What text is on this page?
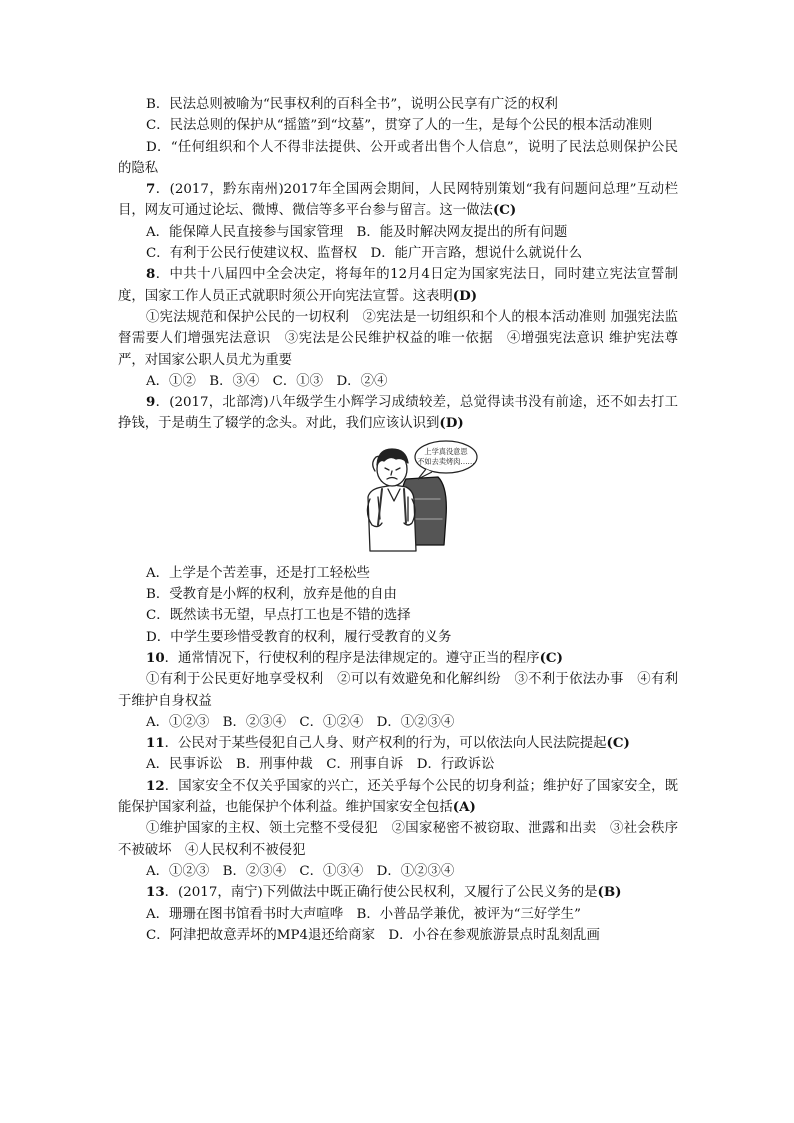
B．民法总则被喻为“民事权利的百科全书”，说明公民享有广泛的权利

C．民法总则的保护从“摇篮”到“坟墓”，贯穿了人的一生，是每个公民的根本活动准则

D．“任何组织和个人不得非法提供、公开或者出售个人信息”，说明了民法总则保护公民的隐私

7．(2017，黔东南州)2017年全国两会期间，人民网特别策划“我有问题问总理”互动栏目，网友可通过论坛、微博、微信等多平台参与留言。这一做法(C)

A．能保障人民直接参与国家管理　B．能及时解决网友提出的所有问题

C．有利于公民行使建议权、监督权　D．能广开言路，想说什么就说什么

8．中共十八届四中全会决定，将每年的12月4日定为国家宪法日，同时建立宪法宣誓制度，国家工作人员正式就职时须公开向宪法宣誓。这表明(D)

①宪法规范和保护公民的一切权利　②宪法是一切组织和个人的根本活动准则 加强宪法监督需要人们增强宪法意识　③宪法是公民维护权益的唯一依据　④增强宪法意识 维护宪法尊严，对国家公职人员尤为重要

A．①②　B．③④　C．①③　D．②④

9．(2017，北部湾)八年级学生小辉学习成绩较差，总觉得读书没有前途，还不如去打工挣钱，于是萌生了辍学的念头。对此，我们应该认识到(D)

上学真没意思
不如去卖烤肉……

A．上学是个苦差事，还是打工轻松些

B．受教育是小辉的权利，放弃是他的自由

C．既然读书无望，早点打工也是不错的选择

D．中学生要珍惜受教育的权利，履行受教育的义务

10．通常情况下，行使权利的程序是法律规定的。遵守正当的程序(C)

①有利于公民更好地享受权利　②可以有效避免和化解纠纷　③不利于依法办事　④有利于维护自身权益

A．①②③　B．②③④　C．①②④　D．①②③④

11．公民对于某些侵犯自己人身、财产权利的行为，可以依法向人民法院提起(C)

A．民事诉讼　B．刑事仲裁　C．刑事自诉　D．行政诉讼

12．国家安全不仅关乎国家的兴亡，还关乎每个公民的切身利益；维护好了国家安全，既能保护国家利益，也能保护个体利益。维护国家安全包括(A)

①维护国家的主权、领土完整不受侵犯　②国家秘密不被窃取、泄露和出卖　③社会秩序不被破坏　④人民权利不被侵犯

A．①②③　B．②③④　C．①③④　D．①②③④

13．(2017，南宁)下列做法中既正确行使公民权利，又履行了公民义务的是(B)

A．珊珊在图书馆看书时大声喧哗　B．小普品学兼优，被评为“三好学生”

C．阿津把故意弄坏的MP4退还给商家　D．小谷在参观旅游景点时乱刻乱画
